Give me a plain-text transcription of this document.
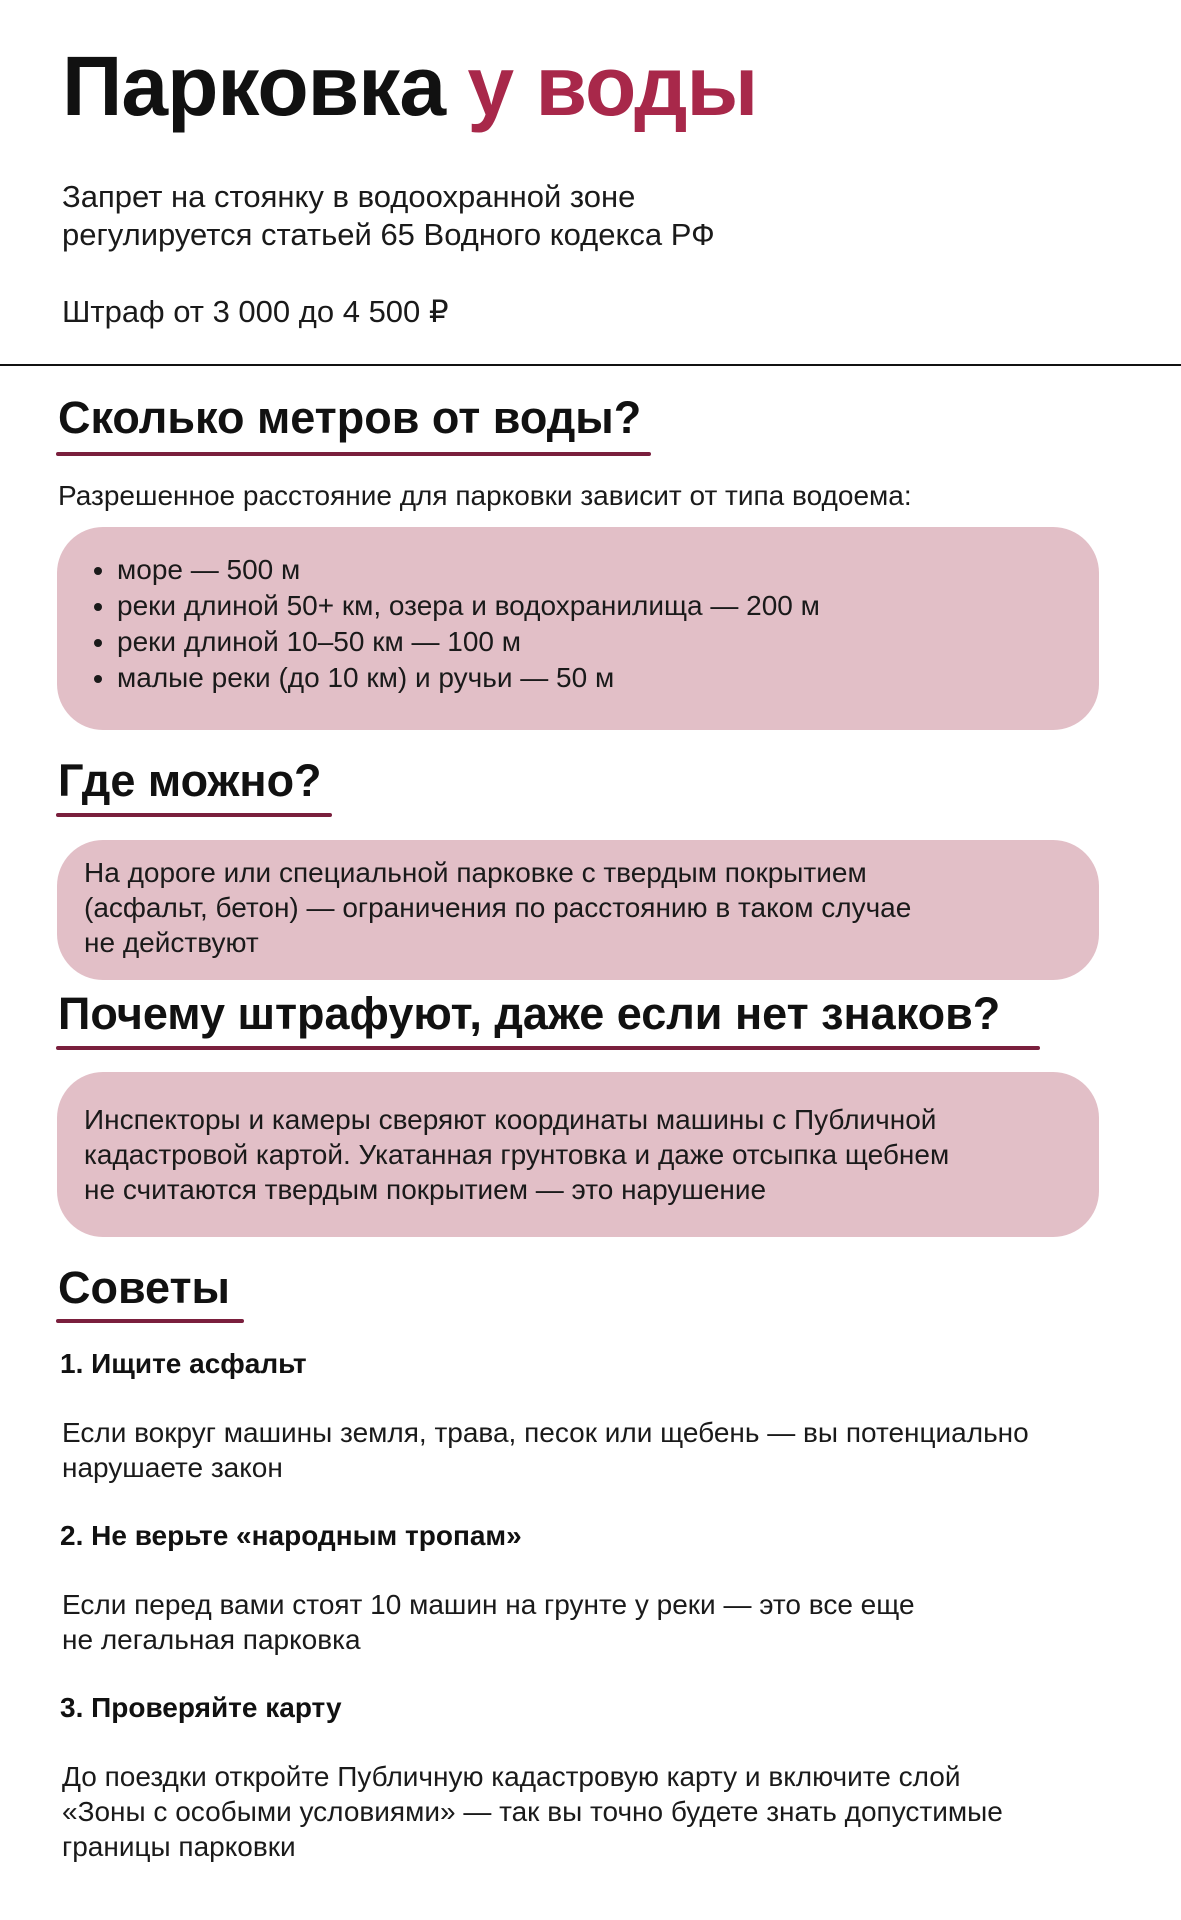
Парковка у воды

Запрет на стоянку в водоохранной зоне
регулируется статьей 65 Водного кодекса РФ

Штраф от 3 000 до 4 500 ₽

Сколько метров от воды?

Разрешенное расстояние для парковки зависит от типа водоема:

• море — 500 м
• реки длиной 50+ км, озера и водохранилища — 200 м
• реки длиной 10–50 км — 100 м
• малые реки (до 10 км) и ручьи — 50 м
Где можно?

На дороге или специальной парковке с твердым покрытием
(асфальт, бетон) — ограничения по расстоянию в таком случае
не действуют

Почему штрафуют, даже если нет знаков?

Инспекторы и камеры сверяют координаты машины с Публичной
кадастровой картой. Укатанная грунтовка и даже отсыпка щебнем
не считаются твердым покрытием — это нарушение

Советы

1. Ищите асфальт

Если вокруг машины земля, трава, песок или щебень — вы потенциально
нарушаете закон

2. Не верьте «народным тропам»

Если перед вами стоят 10 машин на грунте у реки — это все еще
не легальная парковка

3. Проверяйте карту

До поездки откройте Публичную кадастровую карту и включите слой
«Зоны с особыми условиями» — так вы точно будете знать допустимые
границы парковки
